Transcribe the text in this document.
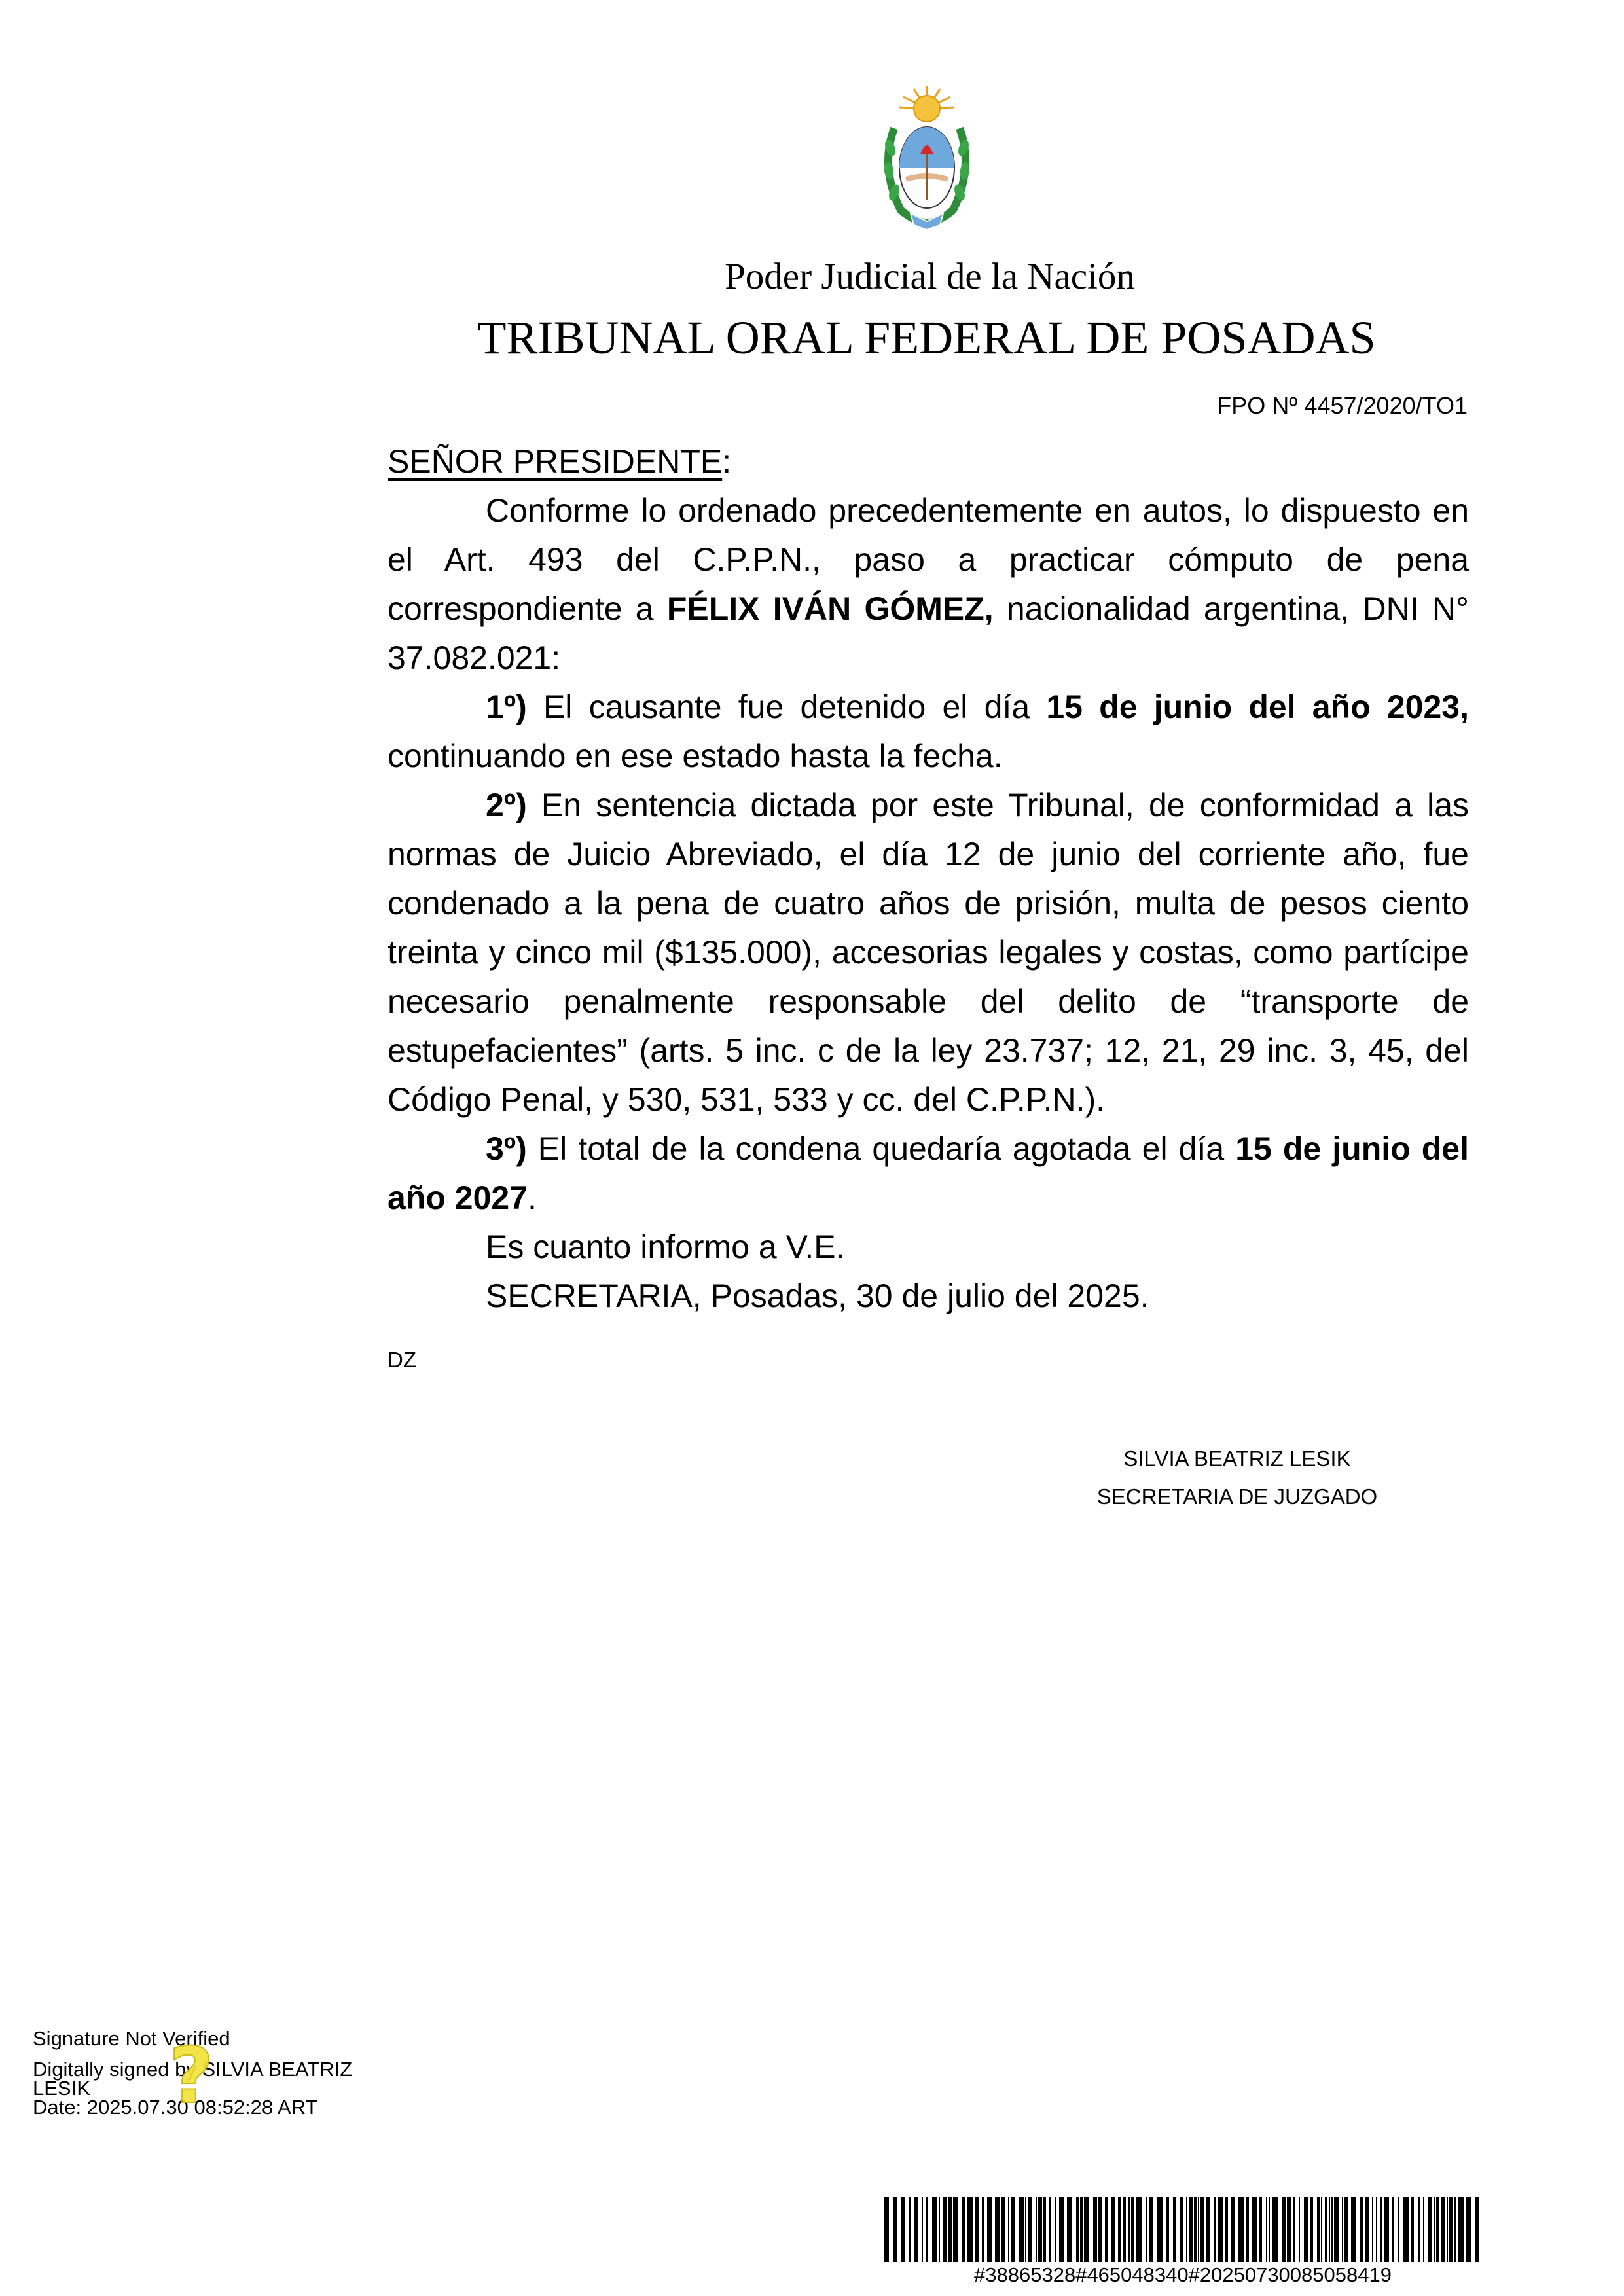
Poder Judicial de la Nación
TRIBUNAL ORAL FEDERAL DE POSADAS
FPO Nº 4457/2020/TO1

SEÑOR PRESIDENTE:

Conforme lo ordenado precedentemente en autos, lo dispuesto en el Art. 493 del C.P.P.N., paso a practicar cómputo de pena correspondiente a FÉLIX IVÁN GÓMEZ, nacionalidad argentina, DNI N° 37.082.021:

1º) El causante fue detenido el día 15 de junio del año 2023, continuando en ese estado hasta la fecha.

2º) En sentencia dictada por este Tribunal, de conformidad a las normas de Juicio Abreviado, el día 12 de junio del corriente año, fue condenado a la pena de cuatro años de prisión, multa de pesos ciento treinta y cinco mil ($135.000), accesorias legales y costas, como partícipe necesario penalmente responsable del delito de “transporte de estupefacientes” (arts. 5 inc. c de la ley 23.737; 12, 21, 29 inc. 3, 45, del Código Penal, y 530, 531, 533 y cc. del C.P.P.N.).

3º) El total de la condena quedaría agotada el día 15 de junio del año 2027.

Es cuanto informo a V.E.

SECRETARIA, Posadas, 30 de julio del 2025.

DZ
SILVIA BEATRIZ LESIK
SECRETARIA DE JUZGADO
Signature Not Verified
Digitally signed by SILVIA BEATRIZ
LESIK
Date: 2025.07.30 08:52:28 ART
?
#38865328#465048340#20250730085058419
